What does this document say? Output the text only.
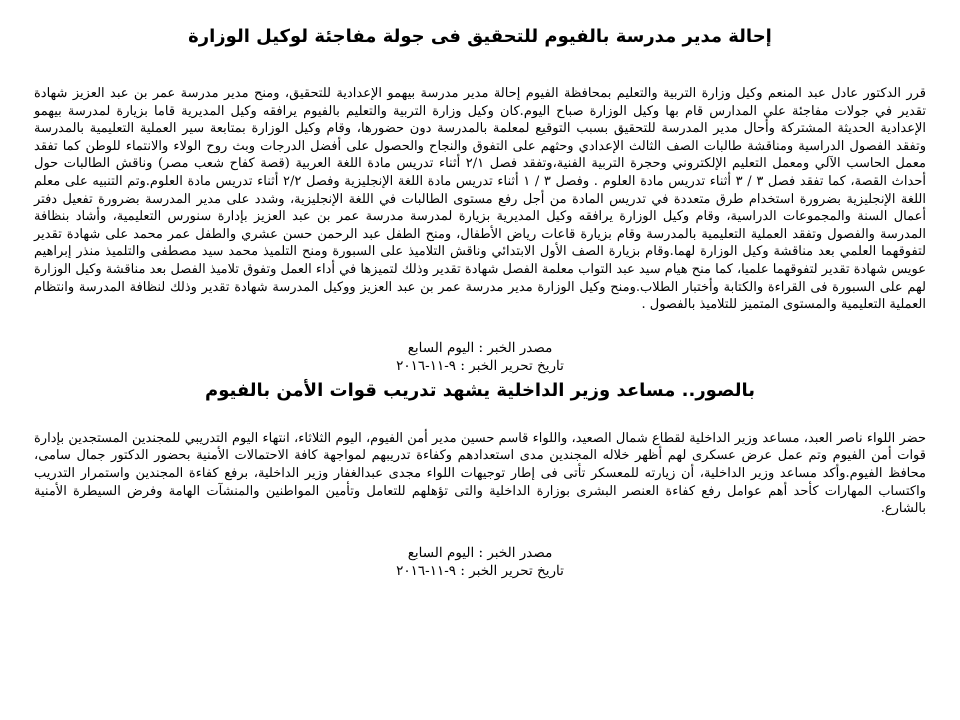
إحالة مدير مدرسة بالفيوم للتحقيق فى جولة مفاجئة لوكيل الوزارة

قرر الدكتور عادل عبد المنعم وكيل وزارة التربية والتعليم بمحافظة الفيوم إحالة مدير مدرسة بيهمو الإعدادية للتحقيق، ومنح مدير مدرسة عمر بن عبد العزيز شهادة تقدير في جولات مفاجئة علي المدارس قام بها وكيل الوزارة صباح اليوم.كان وكيل وزارة التربية والتعليم بالفيوم يرافقه وكيل المديرية قاما بزيارة لمدرسة بيهمو الإعدادية الحديثة المشتركة وأحال مدير المدرسة للتحقيق بسبب التوقيع لمعلمة بالمدرسة دون حضورها، وقام وكيل الوزارة بمتابعة سير العملية التعليمية بالمدرسة وتفقد الفصول الدراسية ومناقشة طالبات الصف الثالث الإعدادي وحثهم على التفوق والنجاح والحصول على أفضل الدرجات وبث روح الولاء والانتماء للوطن كما تفقد معمل الحاسب الآلي ومعمل التعليم الإلكتروني وحجرة التربية الفنية،وتفقد فصل ٢/١ أثناء تدريس مادة اللغة العربية (قصة كفاح شعب مصر) وناقش الطالبات حول أحداث القصة، كما تفقد فصل ٣ / ٣ أثناء تدريس مادة العلوم . وفصل ٣ / ١ أثناء تدريس مادة اللغة الإنجليزية وفصل ٢/٢ أثناء تدريس مادة العلوم.وتم التنبيه على معلم اللغة الإنجليزية بضرورة استخدام طرق متعددة في تدريس المادة من أجل رفع مستوى الطالبات في اللغة الإنجليزية، وشدد على مدير المدرسة بضرورة تفعيل دفتر أعمال السنة والمجموعات الدراسية، وقام وكيل الوزارة يرافقه وكيل المديرية بزيارة لمدرسة مدرسة عمر بن عبد العزيز بإدارة سنورس التعليمية، وأشاد بنظافة المدرسة والفصول وتفقد العملية التعليمية بالمدرسة وقام بزيارة قاعات رياض الأطفال، ومنح الطفل عبد الرحمن حسن عشري والطفل عمر محمد على شهادة تقدير لتفوقهما العلمي بعد مناقشة وكيل الوزارة لهما.وقام بزيارة الصف الأول الابتدائي وناقش التلاميذ على السبورة ومنح التلميذ محمد سيد مصطفى والتلميذ منذر إبراهيم عويس شهادة تقدير لتفوقهما علميا، كما منح هيام سيد عبد التواب معلمة الفصل شهادة تقدير وذلك لتميزها في أداء العمل وتفوق تلاميذ الفصل بعد مناقشة وكيل الوزارة لهم على السبورة فى القراءة والكتابة وأختبار الطلاب.ومنح وكيل الوزارة مدير مدرسة عمر بن عبد العزيز ووكيل المدرسة شهادة تقدير وذلك لنظافة المدرسة وانتظام العملية التعليمية والمستوى المتميز للتلاميذ بالفصول .

مصدر الخبر : اليوم السابع

تاريخ تحرير الخبر : ٩-١١-٢٠١٦

بالصور.. مساعد وزير الداخلية يشهد تدريب قوات الأمن بالفيوم

حضر اللواء ناصر العبد، مساعد وزير الداخلية لقطاع شمال الصعيد، واللواء قاسم حسين مدير أمن الفيوم، اليوم الثلاثاء، انتهاء اليوم التدريبي للمجندين المستجدين بإدارة قوات أمن الفيوم وتم عمل عرض عسكرى لهم أظهر خلاله المجندين مدى استعدادهم وكفاءة تدريبهم لمواجهة كافة الاحتمالات الأمنية بحضور الدكتور جمال سامى، محافظ الفيوم.وأكد مساعد وزير الداخلية، أن زيارته للمعسكر تأتى فى إطار توجيهات اللواء مجدى عبدالغفار وزير الداخلية، برفع كفاءة المجندين واستمرار التدريب واكتساب المهارات كأحد أهم عوامل رفع كفاءة العنصر البشرى بوزارة الداخلية والتى تؤهلهم للتعامل وتأمين المواطنين والمنشآت الهامة وفرض السيطرة الأمنية بالشارع.

مصدر الخبر : اليوم السابع

تاريخ تحرير الخبر : ٩-١١-٢٠١٦
